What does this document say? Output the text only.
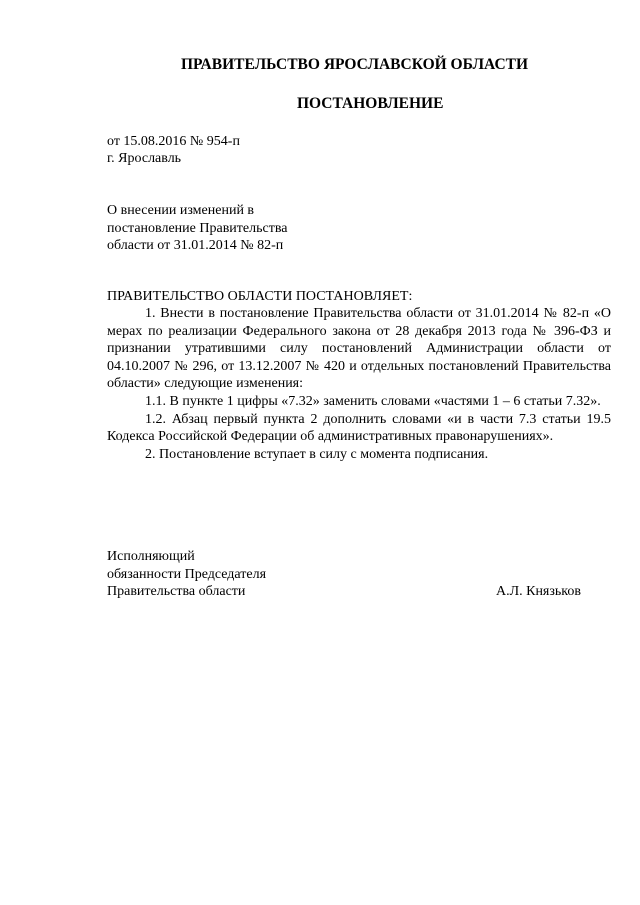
ПРАВИТЕЛЬСТВО ЯРОСЛАВСКОЙ ОБЛАСТИ
ПОСТАНОВЛЕНИЕ
от 15.08.2016 № 954-п
г. Ярославль
О внесении изменений в
постановление Правительства
области от 31.01.2014 № 82-п
ПРАВИТЕЛЬСТВО ОБЛАСТИ ПОСТАНОВЛЯЕТ:

1. Внести в постановление Правительства области от 31.01.2014 № 82-п «О мерах по реализации Федерального закона от 28 декабря 2013 года № 396-ФЗ и признании утратившими силу постановлений Администрации области от 04.10.2007 № 296, от 13.12.2007 № 420 и отдельных постановлений Правительства области» следующие изменения:

1.1. В пункте 1 цифры «7.32» заменить словами «частями 1 – 6 статьи 7.32».

1.2. Абзац первый пункта 2 дополнить словами «и в части 7.3 статьи 19.5 Кодекса Российской Федерации об административных правонарушениях».

2. Постановление вступает в силу с момента подписания.

Исполняющий
обязанности Председателя
Правительства области	А.Л. Князьков
